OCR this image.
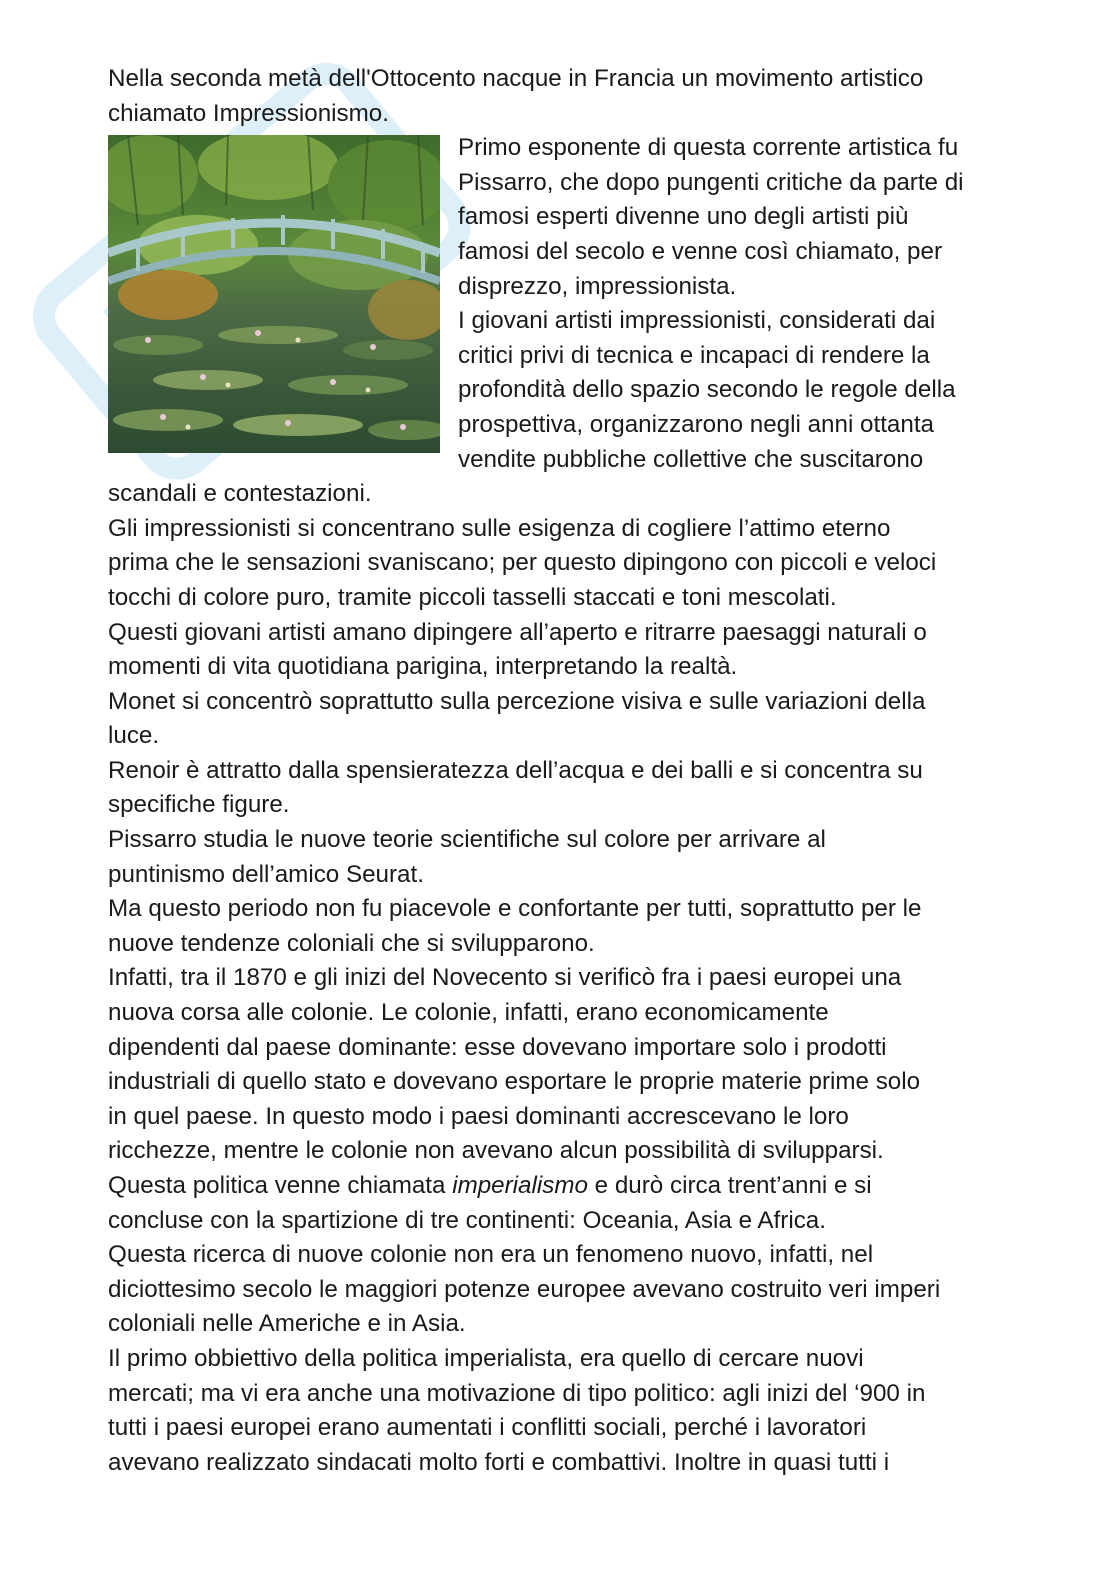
Nella seconda metà dell'Ottocento nacque in Francia un movimento artistico
chiamato Impressionismo.
Primo esponente di questa corrente artistica fu
Pissarro, che dopo pungenti critiche da parte di
famosi esperti divenne uno degli artisti più
famosi del secolo e venne così chiamato, per
disprezzo, impressionista.
I giovani artisti impressionisti, considerati dai
critici privi di tecnica e incapaci di rendere la
profondità dello spazio secondo le regole della
prospettiva, organizzarono negli anni ottanta
vendite pubbliche collettive che suscitarono
scandali e contestazioni.
Gli impressionisti si concentrano sulle esigenza di cogliere l’attimo eterno
prima che le sensazioni svaniscano; per questo dipingono con piccoli e veloci
tocchi di colore puro, tramite piccoli tasselli staccati e toni mescolati.
Questi giovani artisti amano dipingere all’aperto e ritrarre paesaggi naturali o
momenti di vita quotidiana parigina, interpretando la realtà.
Monet si concentrò soprattutto sulla percezione visiva e sulle variazioni della
luce.
Renoir è attratto dalla spensieratezza dell’acqua e dei balli e si concentra su
specifiche figure.
Pissarro studia le nuove teorie scientifiche sul colore per arrivare al
puntinismo dell’amico Seurat.
Ma questo periodo non fu piacevole e confortante per tutti, soprattutto per le
nuove tendenze coloniali che si svilupparono.
Infatti, tra il 1870 e gli inizi del Novecento si verificò fra i paesi europei una
nuova corsa alle colonie. Le colonie, infatti, erano economicamente
dipendenti dal paese dominante: esse dovevano importare solo i prodotti
industriali di quello stato e dovevano esportare le proprie materie prime solo
in quel paese. In questo modo i paesi dominanti accrescevano le loro
ricchezze, mentre le colonie non avevano alcun possibilità di svilupparsi.
Questa politica venne chiamata imperialismo e durò circa trent’anni e si
concluse con la spartizione di tre continenti: Oceania, Asia e Africa.
Questa ricerca di nuove colonie non era un fenomeno nuovo, infatti, nel
diciottesimo secolo le maggiori potenze europee avevano costruito veri imperi
coloniali nelle Americhe e in Asia.
Il primo obbiettivo della politica imperialista, era quello di cercare nuovi
mercati; ma vi era anche una motivazione di tipo politico: agli inizi del ‘900 in
tutti i paesi europei erano aumentati i conflitti sociali, perché i lavoratori
avevano realizzato sindacati molto forti e combattivi. Inoltre in quasi tutti i
